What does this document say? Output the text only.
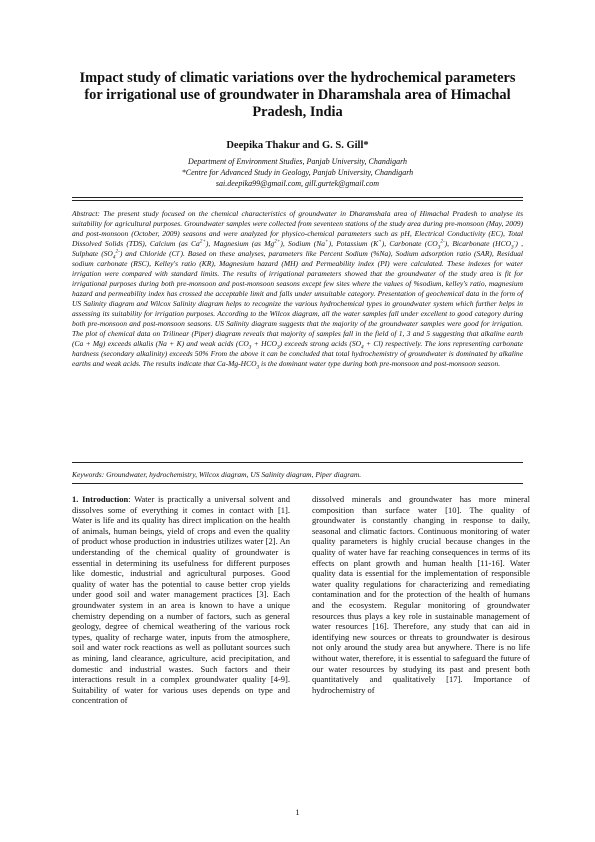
Impact study of climatic variations over the hydrochemical parameters for irrigational use of groundwater in Dharamshala area of Himachal Pradesh, India
Deepika Thakur and G. S. Gill*
Department of Environment Studies, Panjab University, Chandigarh
*Centre for Advanced Study in Geology, Panjab University, Chandigarh
sai.deepika99@gmail.com, gill.gurtek@gmail.com
Abstract: The present study focused on the chemical characteristics of groundwater in Dharamshala area of Himachal Pradesh to analyse its suitability for agricultural purposes. Groundwater samples were collected from seventeen stations of the study area during pre-monsoon (May, 2009) and post-monsoon (October, 2009) seasons and were analyzed for physico-chemical parameters such as pH, Electrical Conductivity (EC), Total Dissolved Solids (TDS), Calcium (as $Ca^{2+}$), Magnesium (as $Mg^{2+}$), Sodium (Na+), Potassium (K+), Carbonate $(CO_3^{2-})$, Bicarbonate $(HCO_3^-)$ , Sulphate $(SO_4^{2-})$ and Chloride (Cl-). Based on these analyses, parameters like Percent Sodium (%Na), Sodium adsorption ratio (SAR), Residual sodium carbonate (RSC), Kelley's ratio (KR), Magnesium hazard (MH) and Permeability index (PI) were calculated. These indexes for water irrigation were compared with standard limits. The results of irrigational parameters showed that the groundwater of the study area is fit for irrigational purposes during both pre-monsoon and post-monsoon seasons except few sites where the values of %sodium, kelley's ratio, magnesium hazard and permeability index has crossed the acceptable limit and falls under unsuitable category. Presentation of geochemical data in the form of US Salinity diagram and Wilcox Salinity diagram helps to recognize the various hydrochemical types in groundwater system which further helps in assessing its suitability for irrigation purposes. According to the Wilcox diagram, all the water samples fall under excellent to good category during both pre-monsoon and post-monsoon seasons. US Salinity diagram suggests that the majority of the groundwater samples were good for irrigation. The plot of chemical data on Trilinear (Piper) diagram reveals that majority of samples fall in the field of 1, 3 and 5 suggesting that alkaline earth (Ca + Mg) exceeds alkalis (Na + K) and weak acids $(CO_3 + HCO_3)$ exceeds strong acids $(SO_4 + Cl)$ respectively. The ions representing carbonate hardness (secondary alkalinity) exceeds 50% From the above it can be concluded that total hydrochemistry of groundwater is dominated by alkaline earths and weak acids. The results indicate that $Ca-Mg-HCO_3$ is the dominant water type during both pre-monsoon and post-monsoon season.
Keywords: Groundwater, hydrochemistry, Wilcox diagram, US Salinity diagram, Piper diagram.
1. Introduction: Water is practically a universal solvent and dissolves some of everything it comes in contact with [1]. Water is life and its quality has direct implication on the health of animals, human beings, yield of crops and even the quality of product whose production in industries utilizes water [2]. An understanding of the chemical quality of groundwater is essential in determining its usefulness for different purposes like domestic, industrial and agricultural purposes. Good quality of water has the potential to cause better crop yields under good soil and water management practices [3]. Each groundwater system in an area is known to have a unique chemistry depending on a number of factors, such as general geology, degree of chemical weathering of the various rock types, quality of recharge water, inputs from the atmosphere, soil and water rock reactions as well as pollutant sources such as mining, land clearance, agriculture, acid precipitation, and domestic and industrial wastes. Such factors and their interactions result in a complex groundwater quality [4-9]. Suitability of water for various uses depends on type and concentration of
dissolved minerals and groundwater has more mineral composition than surface water [10]. The quality of groundwater is constantly changing in response to daily, seasonal and climatic factors. Continuous monitoring of water quality parameters is highly crucial because changes in the quality of water have far reaching consequences in terms of its effects on plant growth and human health [11-16]. Water quality data is essential for the implementation of responsible water quality regulations for characterizing and remediating contamination and for the protection of the health of humans and the ecosystem. Regular monitoring of groundwater resources thus plays a key role in sustainable management of water resources [16]. Therefore, any study that can aid in identifying new sources or threats to groundwater is desirous not only around the study area but anywhere. There is no life without water, therefore, it is essential to safeguard the future of our water resources by studying its past and present both quantitatively and qualitatively [17]. Importance of hydrochemistry of
1
